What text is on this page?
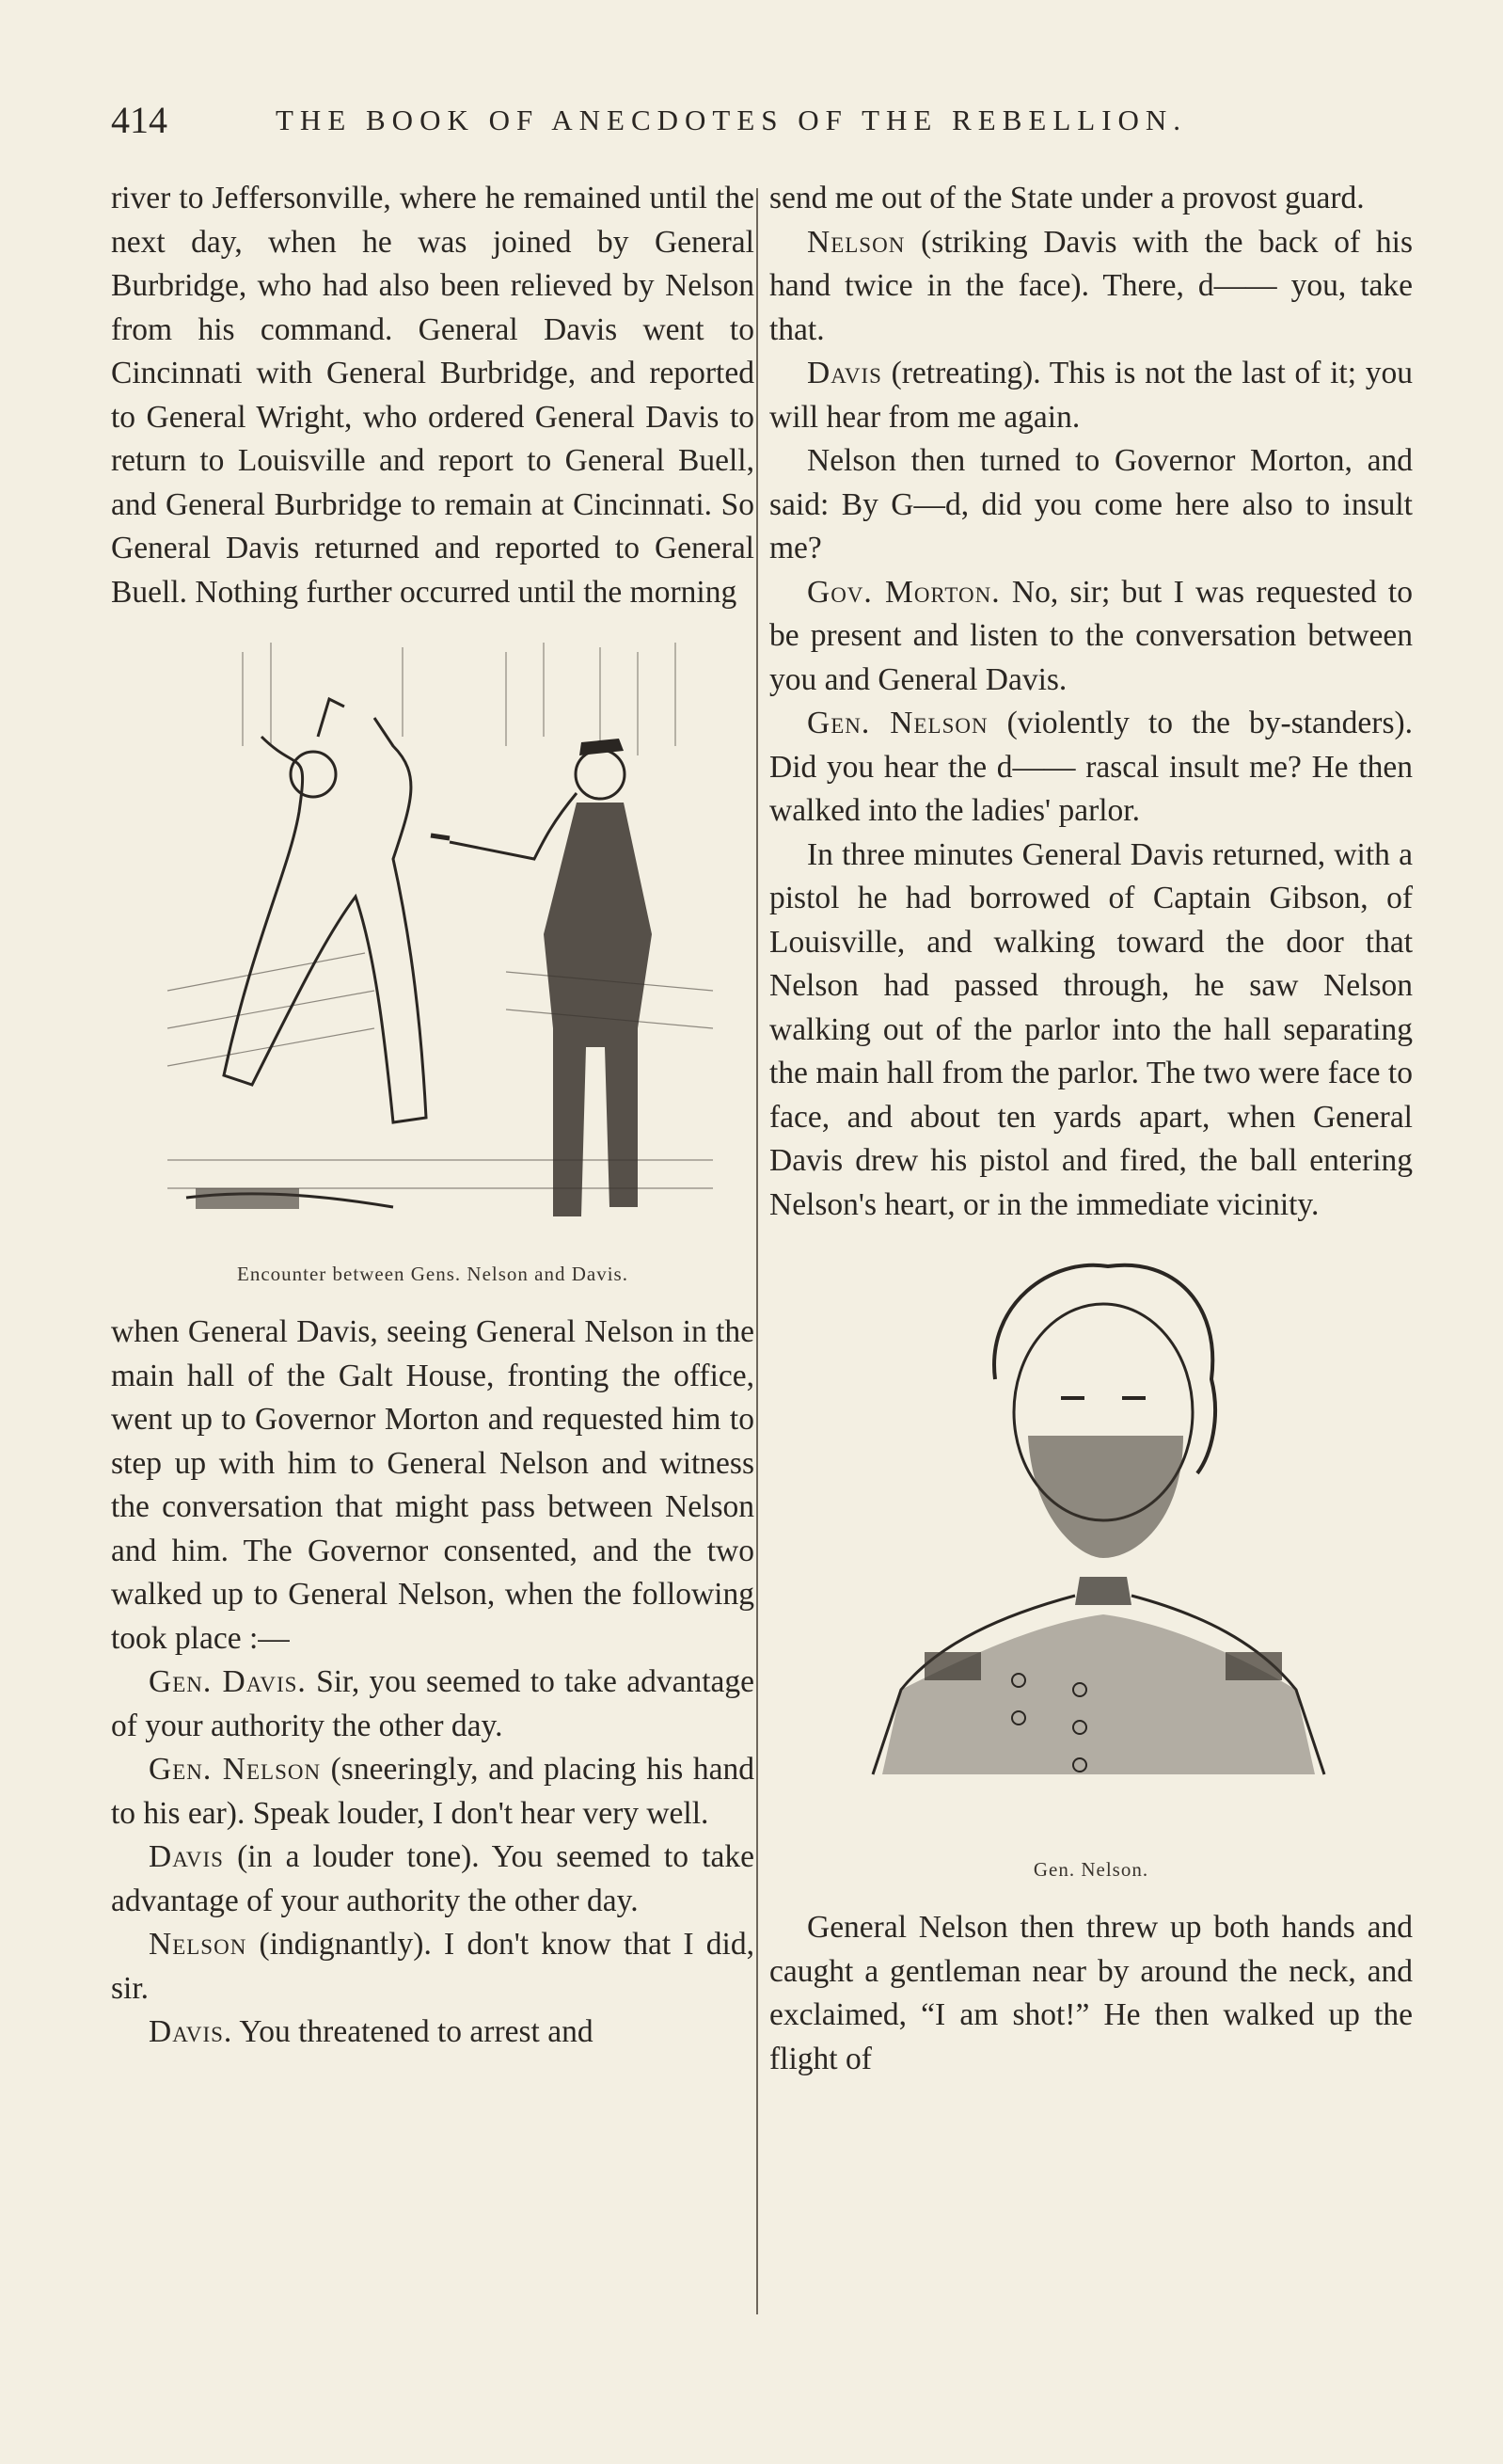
414	THE BOOK OF ANECDOTES OF THE REBELLION.

river to Jeffersonville, where he remained until the next day, when he was joined by General Burbridge, who had also been relieved by Nelson from his command. General Davis went to Cincinnati with General Burbridge, and reported to General Wright, who ordered General Davis to return to Louisville and report to General Buell, and General Burbridge to remain at Cincinnati. So General Davis returned and reported to General Buell. Nothing further occurred until the morning

Encounter between Gens. Nelson and Davis.

when General Davis, seeing General Nelson in the main hall of the Galt House, fronting the office, went up to Governor Morton and requested him to step up with him to General Nelson and witness the conversation that might pass between Nelson and him. The Governor consented, and the two walked up to General Nelson, when the following took place :—

Gen. Davis. Sir, you seemed to take advantage of your authority the other day.

Gen. Nelson (sneeringly, and placing his hand to his ear). Speak louder, I don't hear very well.

Davis (in a louder tone). You seemed to take advantage of your authority the other day.

Nelson (indignantly). I don't know that I did, sir.

Davis. You threatened to arrest and

send me out of the State under a provost guard.

Nelson (striking Davis with the back of his hand twice in the face). There, d—— you, take that.

Davis (retreating). This is not the last of it; you will hear from me again.

Nelson then turned to Governor Morton, and said: By G—d, did you come here also to insult me?

Gov. Morton. No, sir; but I was requested to be present and listen to the conversation between you and General Davis.

Gen. Nelson (violently to the by-standers). Did you hear the d—— rascal insult me? He then walked into the ladies' parlor.

In three minutes General Davis returned, with a pistol he had borrowed of Captain Gibson, of Louisville, and walking toward the door that Nelson had passed through, he saw Nelson walking out of the parlor into the hall separating the main hall from the parlor. The two were face to face, and about ten yards apart, when General Davis drew his pistol and fired, the ball entering Nelson's heart, or in the immediate vicinity.

Gen. Nelson.

General Nelson then threw up both hands and caught a gentleman near by around the neck, and exclaimed, “I am shot!” He then walked up the flight of
